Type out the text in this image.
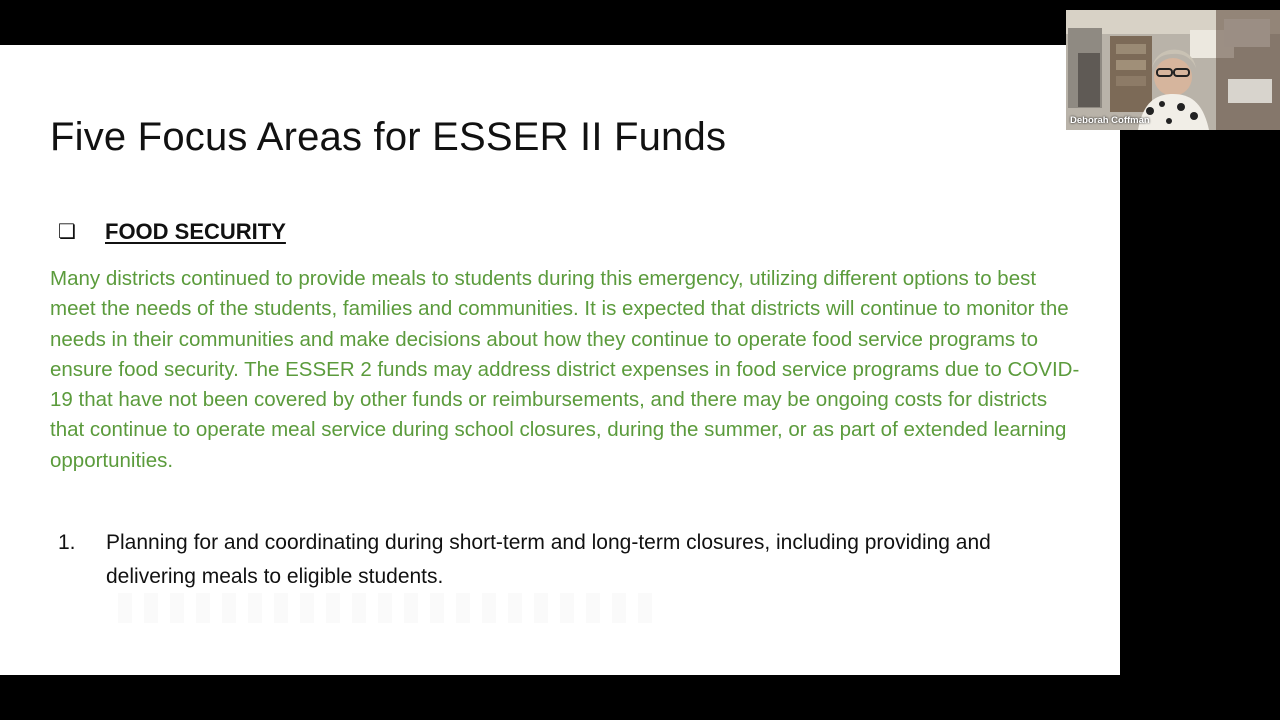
Five Focus Areas for ESSER II Funds
❏ FOOD SECURITY

Many districts continued to provide meals to students during this emergency, utilizing different options to best meet the needs of the students, families and communities. It is expected that districts will continue to monitor the needs in their communities and make decisions about how they continue to operate food service programs to ensure food security. The ESSER 2 funds may address district expenses in food service programs due to COVID-19 that have not been covered by other funds or reimbursements, and there may be ongoing costs for districts that continue to operate meal service during school closures, during the summer, or as part of extended learning opportunities.

1.	Planning for and coordinating during short-term and long-term closures, including providing and delivering meals to eligible students.
Deborah Coffman
